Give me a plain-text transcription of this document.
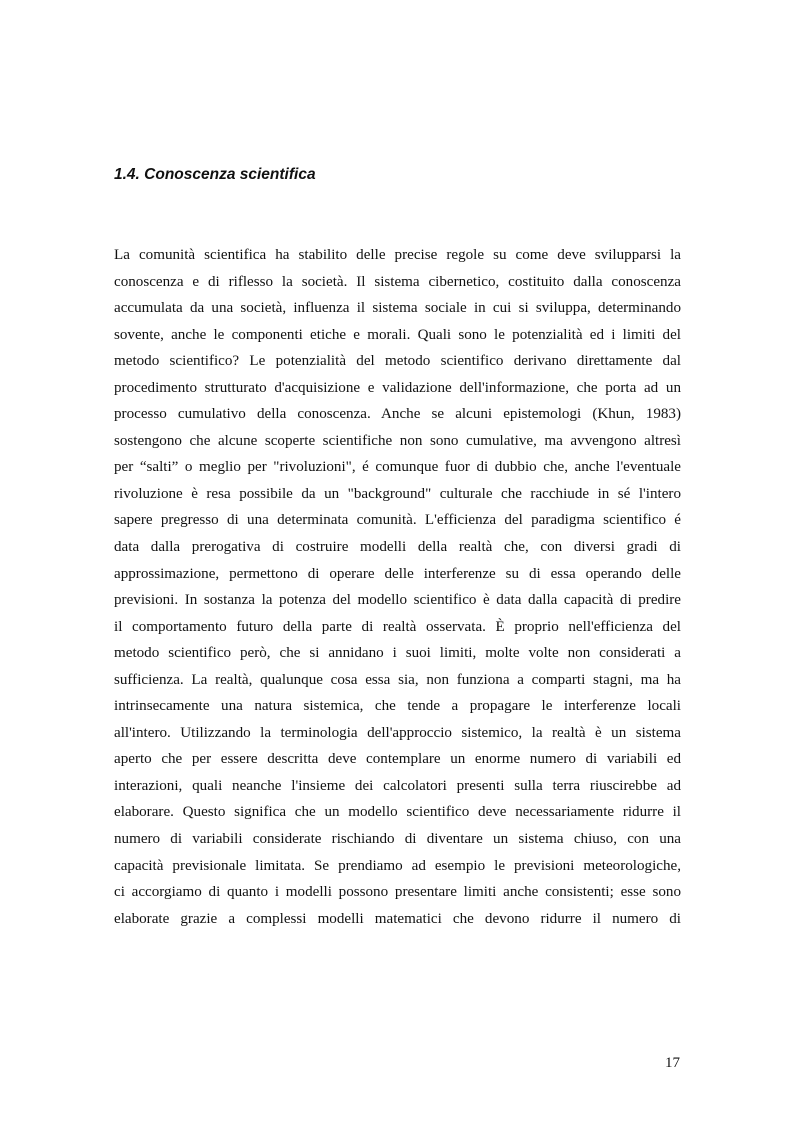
1.4. Conoscenza scientifica
La comunità scientifica ha stabilito delle precise regole su come deve svilupparsi la
conoscenza e di riflesso la società. Il sistema cibernetico, costituito dalla conoscenza
accumulata da una società, influenza il sistema sociale in cui si sviluppa, determinando
sovente, anche le componenti etiche e morali. Quali sono le potenzialità ed i limiti del
metodo scientifico? Le potenzialità del metodo scientifico derivano direttamente dal
procedimento strutturato d'acquisizione e validazione dell'informazione, che porta ad un
processo cumulativo della conoscenza. Anche se alcuni epistemologi (Khun, 1983)
sostengono che alcune scoperte scientifiche non sono cumulative, ma avvengono altresì
per “salti” o meglio per "rivoluzioni", é comunque fuor di dubbio che, anche l'eventuale
rivoluzione è resa possibile da un "background" culturale che racchiude in sé l'intero
sapere pregresso di una determinata comunità. L'efficienza del paradigma scientifico é
data dalla prerogativa di costruire modelli della realtà che, con diversi gradi di
approssimazione, permettono di operare delle interferenze su di essa operando delle
previsioni. In sostanza la potenza del modello scientifico è data dalla capacità di predire
il comportamento futuro della parte di realtà osservata. È proprio nell'efficienza del
metodo scientifico però, che si annidano i suoi limiti, molte volte non considerati a
sufficienza. La realtà, qualunque cosa essa sia, non funziona a comparti stagni, ma ha
intrinsecamente una natura sistemica, che tende a propagare le interferenze locali
all'intero. Utilizzando la terminologia dell'approccio sistemico, la realtà è un sistema
aperto che per essere descritta deve contemplare un enorme numero di variabili ed
interazioni, quali neanche l'insieme dei calcolatori presenti sulla terra riuscirebbe ad
elaborare. Questo significa che un modello scientifico deve necessariamente ridurre il
numero di variabili considerate rischiando di diventare un sistema chiuso, con una
capacità previsionale limitata. Se prendiamo ad esempio le previsioni meteorologiche,
ci accorgiamo di quanto i modelli possono presentare limiti anche consistenti; esse sono
elaborate grazie a complessi modelli matematici che devono ridurre il numero di
17
